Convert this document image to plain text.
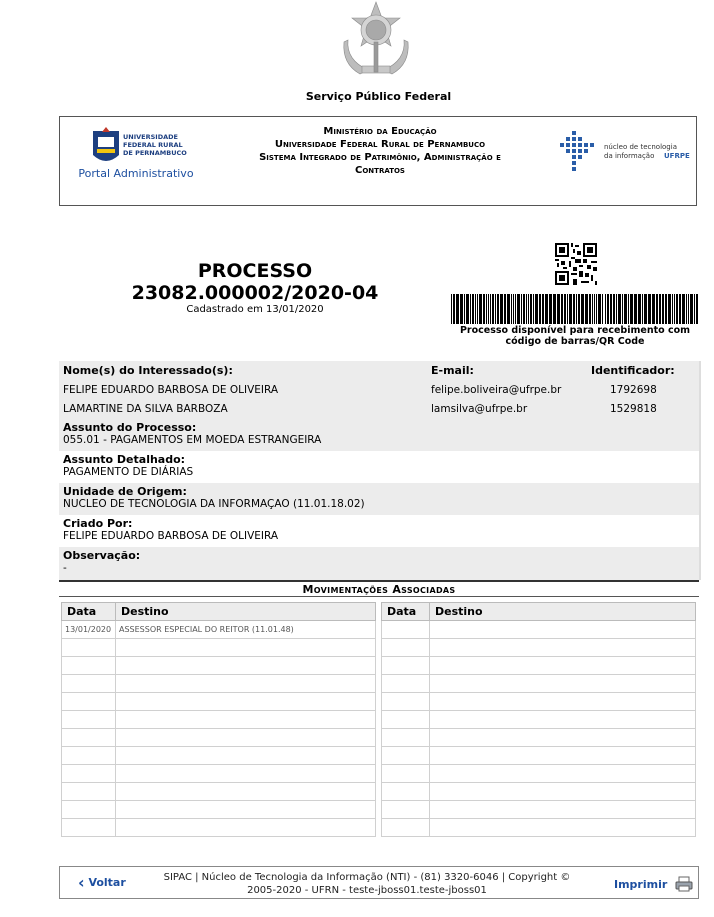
Serviço Público Federal
UNIVERSIDADE
FEDERAL RURAL
DE PERNAMBUCO
Portal Administrativo
Ministério da Educação
Universidade Federal Rural de Pernambuco
Sistema Integrado de Patrimônio, Administração e
Contratos
núcleo de tecnologia
da informação UFRPE
PROCESSO
23082.000002/2020-04
Cadastrado em 13/01/2020
Processo disponível para recebimento com código de barras/QR Code
Nome(s) do Interessado(s):	E-mail:	Identificador:
FELIPE EDUARDO BARBOSA DE OLIVEIRA	felipe.boliveira@ufrpe.br	1792698
LAMARTINE DA SILVA BARBOZA	lamsilva@ufrpe.br	1529818
Assunto do Processo:
055.01 - PAGAMENTOS EM MOEDA ESTRANGEIRA
Assunto Detalhado:
PAGAMENTO DE DIÁRIAS
Unidade de Origem:
NUCLEO DE TECNOLOGIA DA INFORMAÇAO (11.01.18.02)
Criado Por:
FELIPE EDUARDO BARBOSA DE OLIVEIRA
Observação:
-
Movimentações Associadas
Data	Destino
13/01/2020	ASSESSOR ESPECIAL DO REITOR (11.01.48)

Data	Destino

‹ Voltar	SIPAC | Núcleo de Tecnologia da Informação (NTI) - (81) 3320-6046 | Copyright ©
2005-2020 - UFRN - teste-jboss01.teste-jboss01	Imprimir
